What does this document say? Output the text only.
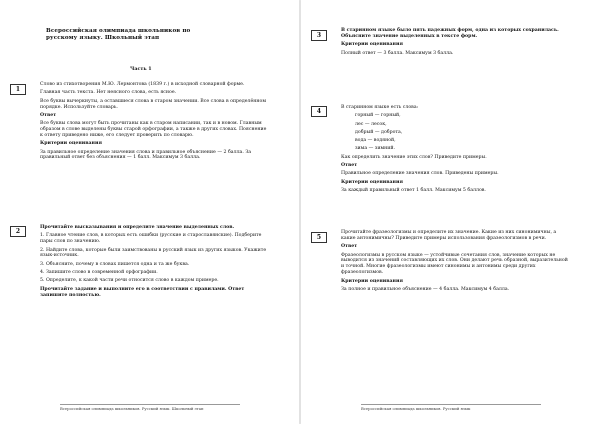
Всероссийская олимпиада школьников по русскому языку. Школьный этап
Часть 1
1

Слово из стихотворения М.Ю. Лермонтова (1839 г.) в исходной словарной форме.

Главная часть текста. Нет неясного слова, есть ясное.

Все буквы вычеркнуты, а оставшиеся слова в старом значении. Все слова в определённом порядке. Используйте словарь.

Ответ

Все буквы слова могут быть прочитаны как в старом написании, так и в новом. Главным образом в слове выделены буквы старой орфографии, а также в других словах. Пояснение к ответу приведено ниже, его следует проверить по словарю.

Критерии оценивания

За правильное определение значения слова и правильное объяснение — 2 балла. За правильный ответ без объяснения — 1 балл. Максимум 3 балла.

2

Прочитайте высказывания и определите значение выделенных слов.

1. Главное чтение слов, в которых есть ошибки (русские и старославянские). Подберите пары слов по значению.

2. Найдите слова, которые были заимствованы в русский язык из других языков. Укажите язык-источник.

3. Объясните, почему в словах пишется одна и та же буква.

4. Запишите слово в современной орфографии.

5. Определите, к какой части речи относится слово в каждом примере.

Прочитайте задание и выполните его в соответствии с правилами. Ответ запишите полностью.

Всероссийская олимпиада школьников. Русский язык. Школьный этап
3

В старинном языке было пять падежных форм, одна из которых сохранилась. Объясните значение выделенных в тексте форм.

Критерии оценивания

Полный ответ — 3 балла. Максимум 3 балла.

4

В старинном языке есть слова:

горный — горный,

лес — лесок,

добрый — доброта,

вода — водяной,

зима — зимний.

Как определить значение этих слов? Приведите примеры.

Ответ

Правильное определение значения слов. Приведены примеры.

Критерии оценивания

За каждый правильный ответ 1 балл. Максимум 5 баллов.

5

Прочитайте фразеологизмы и определите их значение. Какие из них синонимичны, а какие антонимичны? Приведите примеры использования фразеологизмов в речи.

Ответ

Фразеологизмы в русском языке — устойчивые сочетания слов, значение которых не выводится из значений составляющих их слов. Они делают речь образной, выразительной и точной. Многие фразеологизмы имеют синонимы и антонимы среди других фразеологизмов.

Критерии оценивания

За полное и правильное объяснение — 4 балла. Максимум 4 балла.

Всероссийская олимпиада школьников. Русский язык
